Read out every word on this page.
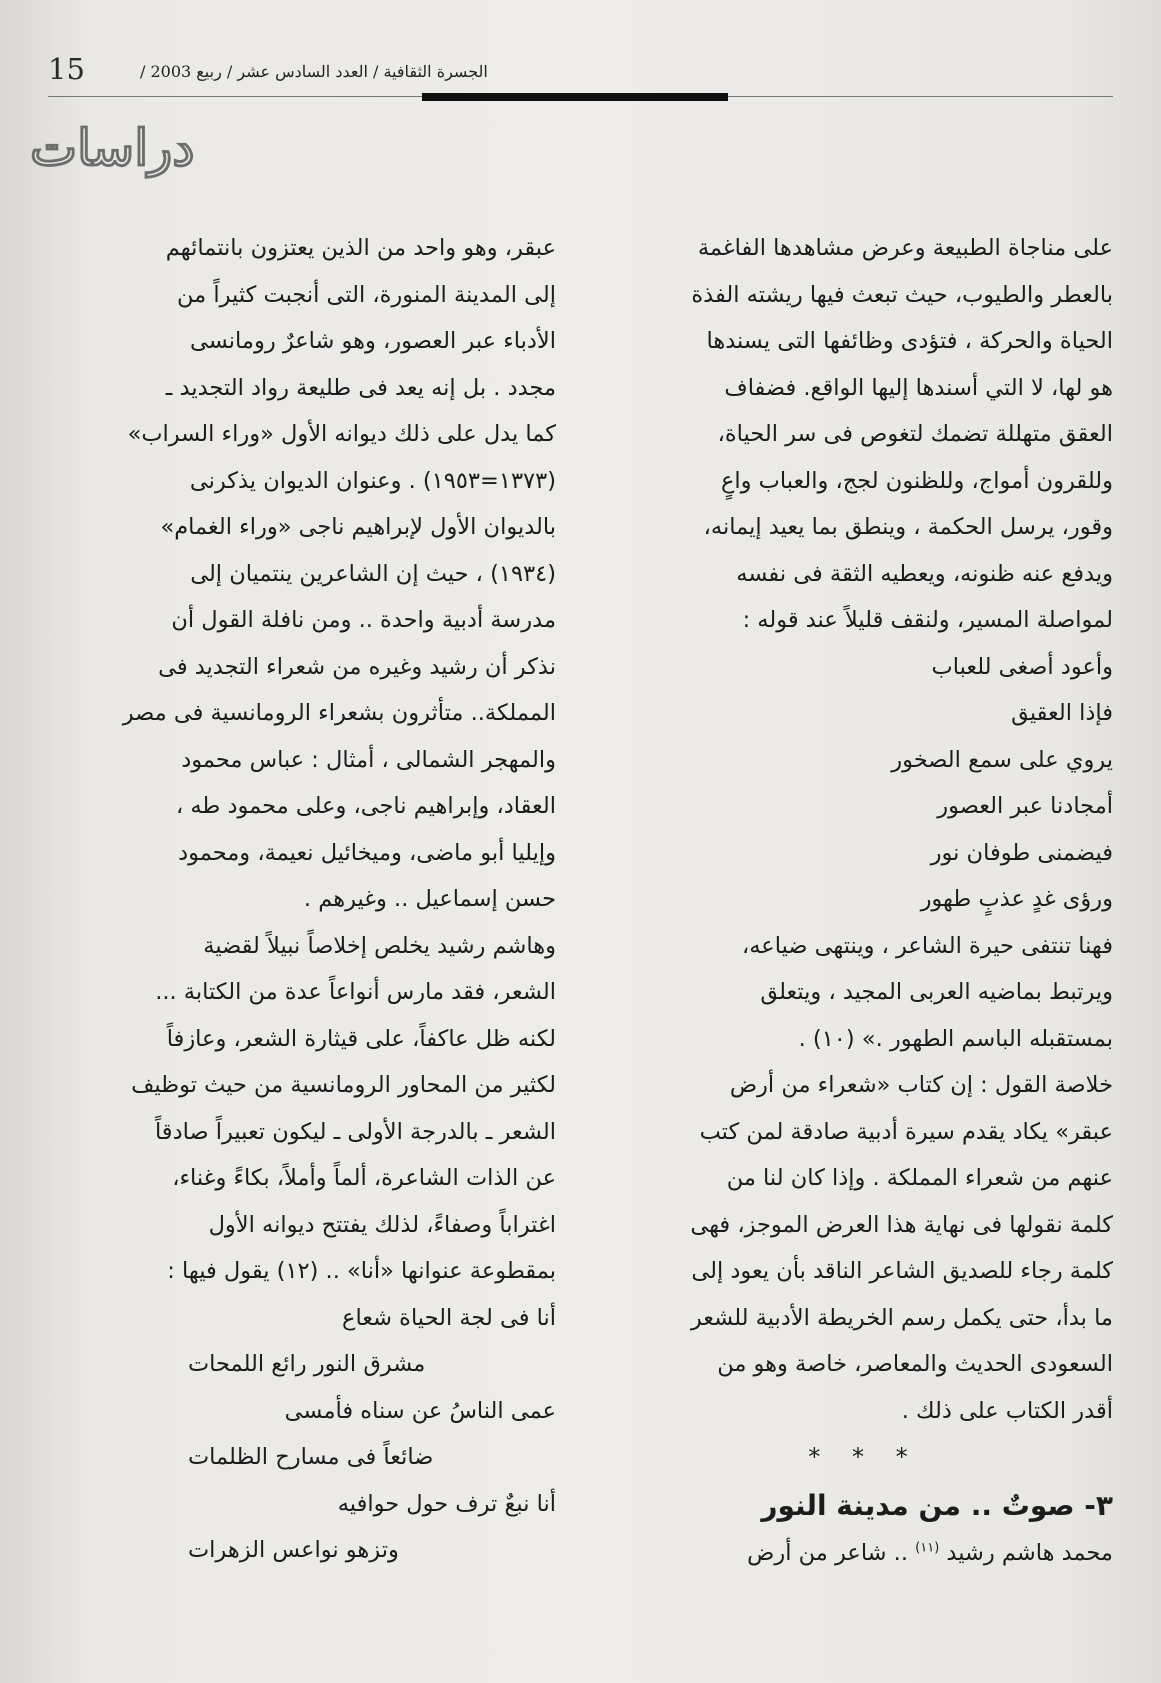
15	الجسرة الثقافية / العدد السادس عشر / ربيع 2003 /
دراسات
على مناجاة الطبيعة وعرض مشاهدها الفاغمة
بالعطر والطيوب، حيث تبعث فيها ريشته الفذة
الحياة والحركة ، فتؤدى وظائفها التى يسندها
هو لها، لا التي أسندها إليها الواقع. فضفاف
العقق متهللة تضمك لتغوص فى سر الحياة،
وللقرون أمواج، وللظنون لجج، والعباب واعٍ
وقور، يرسل الحكمة ، وينطق بما يعيد إيمانه،
ويدفع عنه ظنونه، ويعطيه الثقة فى نفسه
لمواصلة المسير، ولنقف قليلاً عند قوله :
وأعود أصغى للعباب
فإذا العقيق
يروي على سمع الصخور
أمجادنا عبر العصور
فيضمنى طوفان نور
ورؤى غدٍ عذبٍ طهور
فهنا تنتفى حيرة الشاعر ، وينتهى ضياعه،
ويرتبط بماضيه العربى المجيد ، ويتعلق
بمستقبله الباسم الطهور .» (١٠) .
خلاصة القول : إن كتاب «شعراء من أرض
عبقر» يكاد يقدم سيرة أدبية صادقة لمن كتب
عنهم من شعراء المملكة . وإذا كان لنا من
كلمة نقولها فى نهاية هذا العرض الموجز، فهى
كلمة رجاء للصديق الشاعر الناقد بأن يعود إلى
ما بدأ، حتى يكمل رسم الخريطة الأدبية للشعر
السعودى الحديث والمعاصر، خاصة وهو من
أقدر الكتاب على ذلك .
* * *
٣- صوتٌ .. من مدينة النور
محمد هاشم رشيد $^{(١١)}$ .. شاعر من أرض
عبقر، وهو واحد من الذين يعتزون بانتمائهم
إلى المدينة المنورة، التى أنجبت كثيراً من
الأدباء عبر العصور، وهو شاعرٌ رومانسى
مجدد . بل إنه يعد فى طليعة رواد التجديد ـ
كما يدل على ذلك ديوانه الأول «وراء السراب»
(١٣٧٣=١٩٥٣) . وعنوان الديوان يذكرنى
بالديوان الأول لإبراهيم ناجى «وراء الغمام»
(١٩٣٤) ، حيث إن الشاعرين ينتميان إلى
مدرسة أدبية واحدة .. ومن نافلة القول أن
نذكر أن رشيد وغيره من شعراء التجديد فى
المملكة.. متأثرون بشعراء الرومانسية فى مصر
والمهجر الشمالى ، أمثال : عباس محمود
العقاد، وإبراهيم ناجى، وعلى محمود طه ،
وإيليا أبو ماضى، وميخائيل نعيمة، ومحمود
حسن إسماعيل .. وغيرهم .
وهاشم رشيد يخلص إخلاصاً نبيلاً لقضية
الشعر، فقد مارس أنواعاً عدة من الكتابة ...
لكنه ظل عاكفاً، على قيثارة الشعر، وعازفاً
لكثير من المحاور الرومانسية من حيث توظيف
الشعر ـ بالدرجة الأولى ـ ليكون تعبيراً صادقاً
عن الذات الشاعرة، ألماً وأملاً، بكاءً وغناء،
اغتراباً وصفاءً، لذلك يفتتح ديوانه الأول
بمقطوعة عنوانها «أنا» .. (١٢) يقول فيها :
أنا فى لجة الحياة شعاع
مشرق النور رائع اللمحات
عمى الناسُ عن سناه فأمسى
ضائعاً فى مسارح الظلمات
أنا نبعٌ ترف حول حوافيه
وتزهو نواعس الزهرات
